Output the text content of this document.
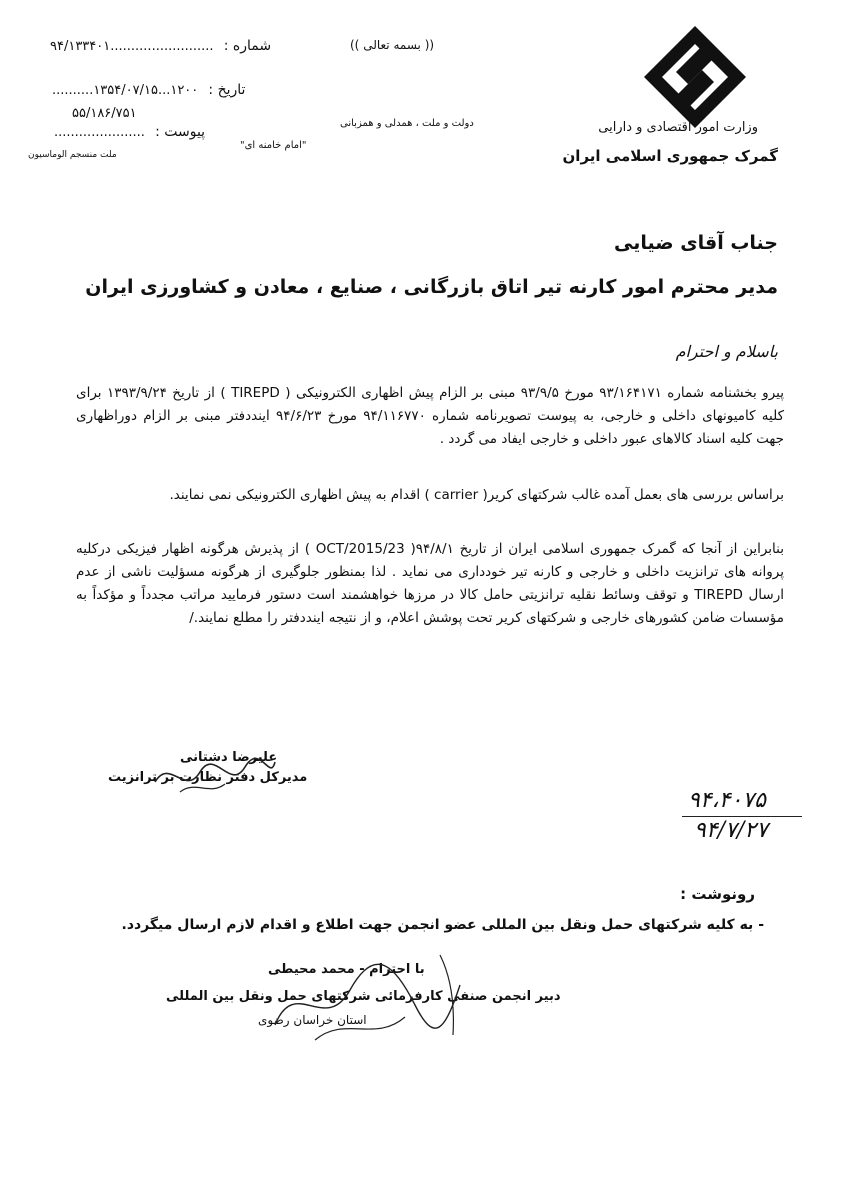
وزارت امور اقتصادی و دارایی
گمرک جمهوری اسلامی ایران
(( بسمه تعالی ))
دولت و ملت ، همدلی و همزبانی
"امام خامنه ای"
ملت منسجم الوماسیون
۹۴/۱۳۳۴۰۱......................... : شماره
..........۱۳۵۴/۰۷/۱۵...۱۲۰۰ : تاریخ
۵۵/۱۸۶/۷۵۱
...................... : پیوست
جناب آقای ضیایی
مدیر محترم امور کارنه تیر اتاق بازرگانی ، صنایع ، معادن و کشاورزی ایران
باسلام و احترام
پیرو بخشنامه شماره ۹۳/۱۶۴۱۷۱ مورخ ۹۳/۹/۵ مبنی بر الزام پیش اظهاری الکترونیکی ( TIREPD ) از تاریخ ۱۳۹۳/۹/۲۴ برای کلیه کامیونهای داخلی و خارجی، به پیوست تصویرنامه شماره ۹۴/۱۱۶۷۷۰ مورخ ۹۴/۶/۲۳ اینددفتر مبنی بر الزام دوراظهاری جهت کلیه اسناد کالاهای عبور داخلی و خارجی ایفاد می گردد .
براساس بررسی های بعمل آمده غالب شرکتهای کریر( carrier ) اقدام به پیش اظهاری الکترونیکی نمی نمایند.
بنابراین از آنجا که گمرک جمهوری اسلامی ایران از تاریخ ۹۴/۸/۱( 23/OCT/2015 ) از پذیرش هرگونه اظهار فیزیکی درکلیه پروانه های ترانزیت داخلی و خارجی و کارنه تیر خودداری می نماید . لذا بمنظور جلوگیری از هرگونه مسؤلیت ناشی از عدم ارسال TIREPD و توقف وسائط نقلیه ترانزیتی حامل کالا در مرزها خواهشمند است دستور فرمایید مراتب مجدداً و مؤکداً به مؤسسات ضامن کشورهای خارجی و شرکتهای کریر تحت پوشش اعلام، و از نتیجه اینددفتر را مطلع نمایند./
علیرضا دشتانی
مدیرکل دفتر نظارت بر ترانزیت
۹۴،۴۰۷۵
۹۴/۷/۲۷
رونوشت :
- به کلیه شرکتهای حمل ونقل بین المللی عضو انجمن جهت اطلاع و اقدام لازم ارسال میگردد.
با احترام - محمد محیطی
دبیر انجمن صنفی کارفرمائی شرکتهای حمل ونقل بین المللی
استان خراسان رضوی
